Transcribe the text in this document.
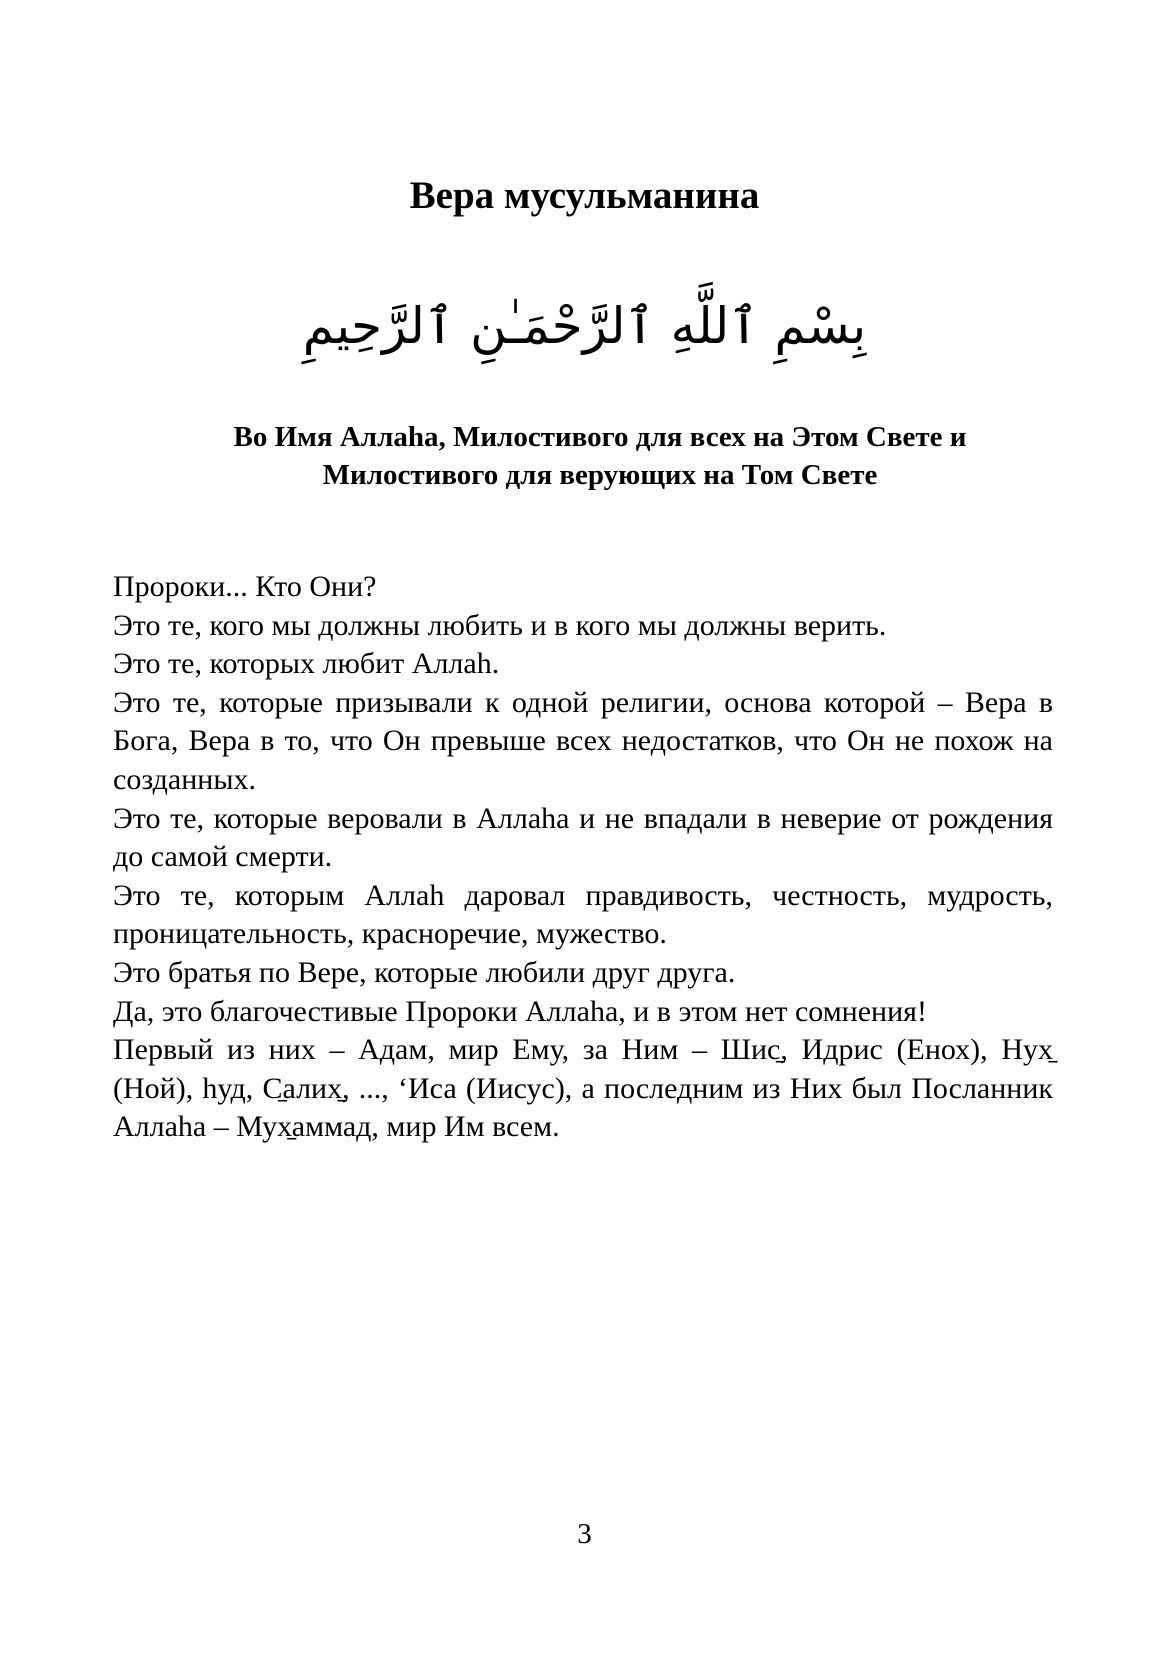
Вера мусульманина
بِسْمِ ٱللَّهِ ٱلرَّحْمَـٰنِ ٱلرَّحِيمِ
Во Имя Аллаhа, Милостивого для всех на Этом Свете и
Милостивого для верующих на Том Свете

Пророки... Кто Они?

Это те, кого мы должны любить и в кого мы должны верить.

Это те, которых любит Аллаh.

Это те, которые призывали к одной религии, основа которой – Вера в Бога, Вера в то, что Он превыше всех недостатков, что Он не похож на созданных.

Это те, которые веровали в Аллаhа и не впадали в неверие от рождения до самой смерти.

Это те, которым Аллаh даровал правдивость, честность, мудрость, проницательность, красноречие, мужество.

Это братья по Вере, которые любили друг друга.

Да, это благочестивые Пророки Аллаhа, и в этом нет сомнения!

Первый из них – Адам, мир Ему, за Ним – Шис̱, Идрис (Енох), Нух̱ (Ной), hуд, С̱алих̱, ..., ‘Иса (Иисус), а последним из Них был Посланник Аллаhа – Мух̱аммад, мир Им всем.

3
